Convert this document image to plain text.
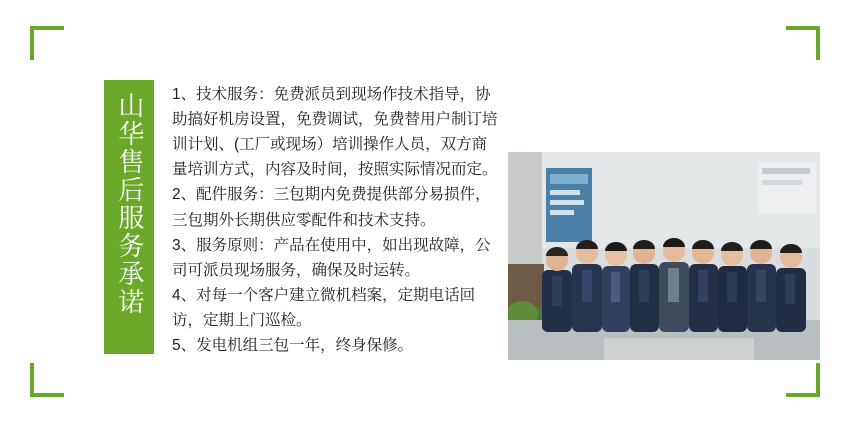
山华售后服务承诺 1、技术服务：免费派员到现场作技术指导，协助搞好机房设置，免费调试，免费替用户制订培训计划、(工厂或现场）培训操作人员，双方商量培训方式，内容及时间，按照实际情况而定。

2、配件服务：三包期内免费提供部分易损件，三包期外长期供应零配件和技术支持。

3、服务原则：产品在使用中，如出现故障，公司可派员现场服务，确保及时运转。

4、对每一个客户建立微机档案，定期电话回访，定期上门巡检。

5、发电机组三包一年，终身保修。
